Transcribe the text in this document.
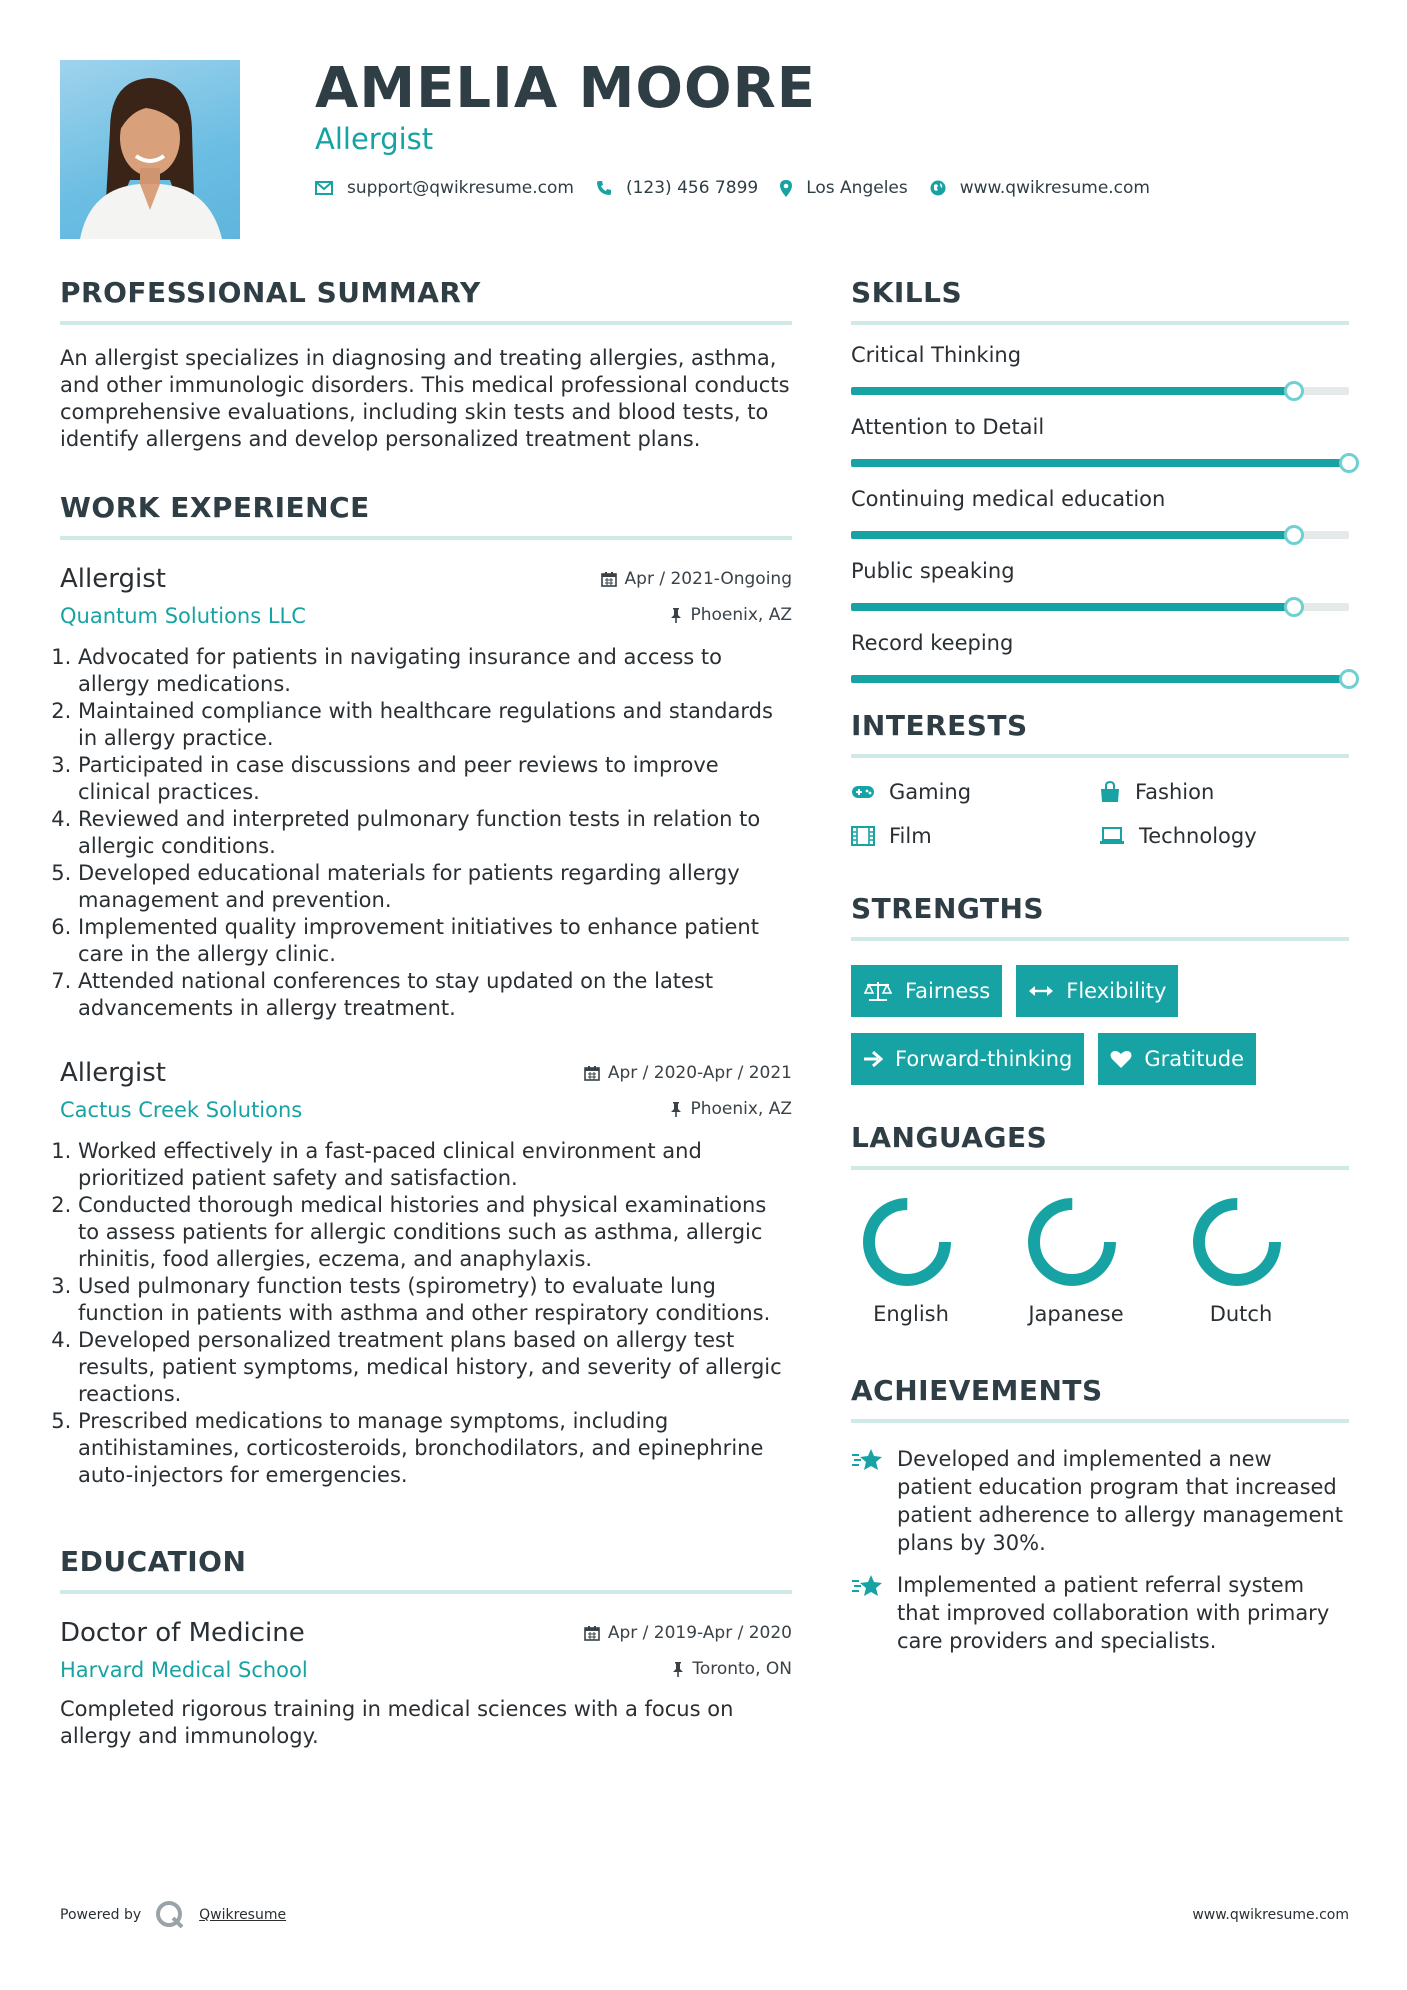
AMELIA MOORE
Allergist
support@qwikresume.com	(123) 456 7899	Los Angeles	www.qwikresume.com
PROFESSIONAL SUMMARY

An allergist specializes in diagnosing and treating allergies, asthma, and other immunologic disorders. This medical professional conducts comprehensive evaluations, including skin tests and blood tests, to identify allergens and develop personalized treatment plans.

WORK EXPERIENCE
Allergist	Apr / 2021-Ongoing
Quantum Solutions LLC	Phoenix, AZ
1. Advocated for patients in navigating insurance and access to allergy medications.
2. Maintained compliance with healthcare regulations and standards in allergy practice.
3. Participated in case discussions and peer reviews to improve clinical practices.
4. Reviewed and interpreted pulmonary function tests in relation to allergic conditions.
5. Developed educational materials for patients regarding allergy management and prevention.
6. Implemented quality improvement initiatives to enhance patient care in the allergy clinic.
7. Attended national conferences to stay updated on the latest advancements in allergy treatment.
Allergist	Apr / 2020-Apr / 2021
Cactus Creek Solutions	Phoenix, AZ
1. Worked effectively in a fast-paced clinical environment and prioritized patient safety and satisfaction.
2. Conducted thorough medical histories and physical examinations to assess patients for allergic conditions such as asthma, allergic rhinitis, food allergies, eczema, and anaphylaxis.
3. Used pulmonary function tests (spirometry) to evaluate lung function in patients with asthma and other respiratory conditions.
4. Developed personalized treatment plans based on allergy test results, patient symptoms, medical history, and severity of allergic reactions.
5. Prescribed medications to manage symptoms, including antihistamines, corticosteroids, bronchodilators, and epinephrine auto-injectors for emergencies.
EDUCATION
Doctor of Medicine	Apr / 2019-Apr / 2020
Harvard Medical School	Toronto, ON

Completed rigorous training in medical sciences with a focus on allergy and immunology.

SKILLS
Critical Thinking
Attention to Detail
Continuing medical education
Public speaking
Record keeping
INTERESTS
Gaming	Fashion
Film	Technology
STRENGTHS
Fairness	Flexibility
Forward-thinking	Gratitude
LANGUAGES
English	Japanese	Dutch
ACHIEVEMENTS
Developed and implemented a new patient education program that increased patient adherence to allergy management plans by 30%.
Implemented a patient referral system that improved collaboration with primary care providers and specialists.
Powered by	Qwikresume	www.qwikresume.com
